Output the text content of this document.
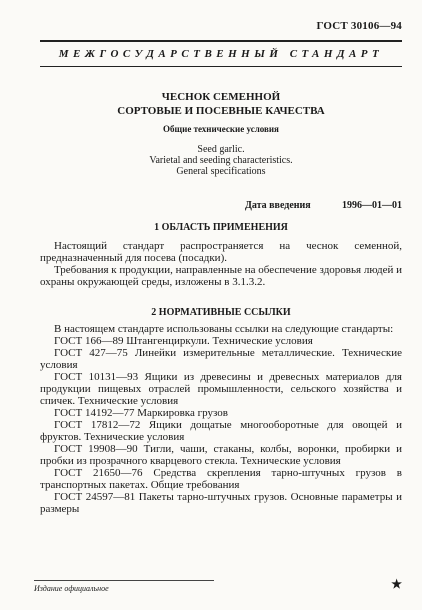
ГОСТ 30106—94
МЕЖГОСУДАРСТВЕННЫЙ СТАНДАРТ
ЧЕСНОК СЕМЕННОЙ
СОРТОВЫЕ И ПОСЕВНЫЕ КАЧЕСТВА
Общие технические условия
Seed garlic.
Varietal and seeding characteristics.
General specifications
Дата введения	1996—01—01
1 ОБЛАСТЬ ПРИМЕНЕНИЯ

Настоящий стандарт распространяется на чеснок семенной, предназначенный для посева (посадки).

Требования к продукции, направленные на обеспечение здоровья людей и охраны окружающей среды, изложены в 3.1.3.2.

2 НОРМАТИВНЫЕ ССЫЛКИ

В настоящем стандарте использованы ссылки на следующие стандарты:

ГОСТ 166—89 Штангенциркули. Технические условия

ГОСТ 427—75 Линейки измерительные металлические. Технические условия

ГОСТ 10131—93 Ящики из древесины и древесных материалов для продукции пищевых отраслей промышленности, сельского хозяйства и спичек. Технические условия

ГОСТ 14192—77 Маркировка грузов

ГОСТ 17812—72 Ящики дощатые многооборотные для овощей и фруктов. Технические условия

ГОСТ 19908—90 Тигли, чаши, стаканы, колбы, воронки, пробирки и пробки из прозрачного кварцевого стекла. Технические условия

ГОСТ 21650—76 Средства скрепления тарно-штучных грузов в транспортных пакетах. Общие требования

ГОСТ 24597—81 Пакеты тарно-штучных грузов. Основные параметры и размеры

Издание официальное	★
